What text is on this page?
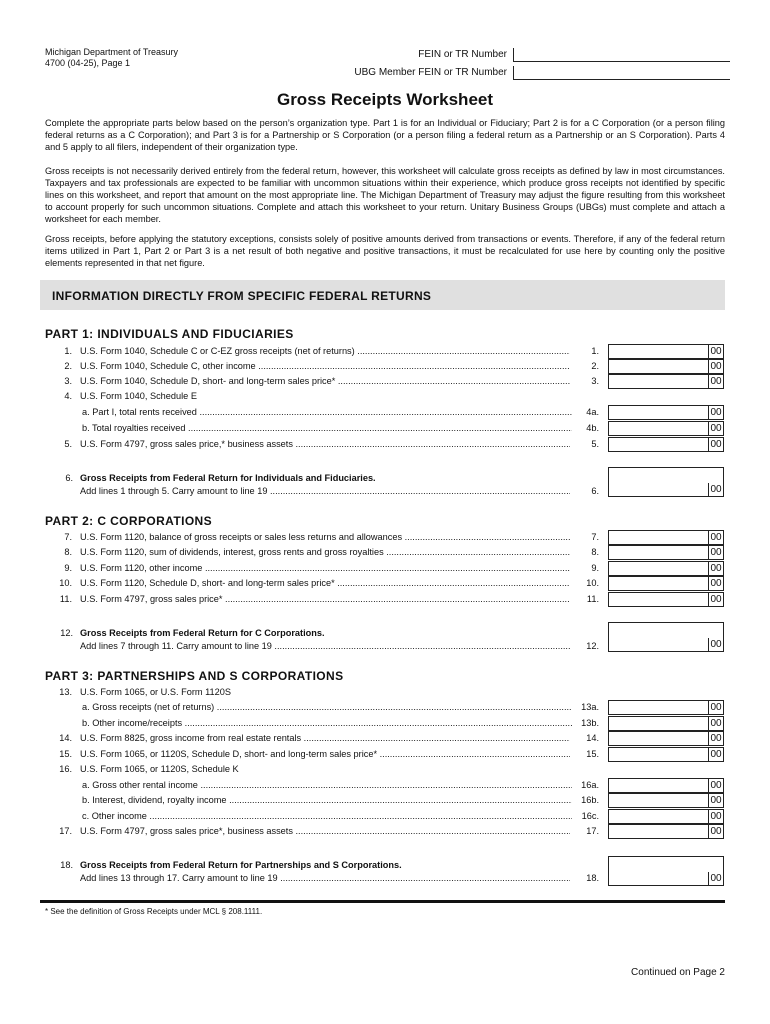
Michigan Department of Treasury
4700 (04-25), Page 1
FEIN or TR Number
UBG Member FEIN or TR Number
Gross Receipts Worksheet

Complete the appropriate parts below based on the person’s organization type. Part 1 is for an Individual or Fiduciary; Part 2 is for a C Corporation (or a person filing federal returns as a C Corporation); and Part 3 is for a Partnership or S Corporation (or a person filing a federal return as a Partnership or an S Corporation). Parts 4 and 5 apply to all filers, independent of their organization type.

Gross receipts is not necessarily derived entirely from the federal return, however, this worksheet will calculate gross receipts as defined by law in most circumstances. Taxpayers and tax professionals are expected to be familiar with uncommon situations within their experience, which produce gross receipts not identified by specific lines on this worksheet, and report that amount on the most appropriate line. The Michigan Department of Treasury may adjust the figure resulting from this worksheet to account properly for such uncommon situations. Complete and attach this worksheet to your return. Unitary Business Groups (UBGs) must complete and attach a worksheet for each member.

Gross receipts, before applying the statutory exceptions, consists solely of positive amounts derived from transactions or events. Therefore, if any of the federal return items utilized in Part 1, Part 2 or Part 3 is a net result of both negative and positive transactions, it must be recalculated for use here by counting only the positive elements represented in that net figure.

INFORMATION DIRECTLY FROM SPECIFIC FEDERAL RETURNS
PART 1: INDIVIDUALS AND FIDUCIARIES
1. U.S. Form 1040, Schedule C or C-EZ gross receipts (net of returns) .....	1.	00
2. U.S. Form 1040, Schedule C, other income .....	2.	00
3. U.S. Form 1040, Schedule D, short- and long-term sales price* .....	3.	00
4. U.S. Form 1040, Schedule E
a. Part I, total rents received .....	4a.	00
b. Total royalties received .....	4b.	00
5. U.S. Form 4797, gross sales price,* business assets .....	5.	00
6. Gross Receipts from Federal Return for Individuals and Fiduciaries.
Add lines 1 through 5. Carry amount to line 19 .....	6.	00
PART 2: C CORPORATIONS
7. U.S. Form 1120, balance of gross receipts or sales less returns and allowances .....	7.	00
8. U.S. Form 1120, sum of dividends, interest, gross rents and gross royalties .....	8.	00
9. U.S. Form 1120, other income .....	9.	00
10. U.S. Form 1120, Schedule D, short- and long-term sales price* .....	10.	00
11. U.S. Form 4797, gross sales price* .....	11.	00
12. Gross Receipts from Federal Return for C Corporations.
Add lines 7 through 11. Carry amount to line 19 .....	12.	00
PART 3: PARTNERSHIPS AND S CORPORATIONS
13. U.S. Form 1065, or U.S. Form 1120S
a. Gross receipts (net of returns) .....	13a.	00
b. Other income/receipts .....	13b.	00
14. U.S. Form 8825, gross income from real estate rentals .....	14.	00
15. U.S. Form 1065, or 1120S, Schedule D, short- and long-term sales price* .....	15.	00
16. U.S. Form 1065, or 1120S, Schedule K
a. Gross other rental income .....	16a.	00
b. Interest, dividend, royalty income .....	16b.	00
c. Other income .....	16c.	00
17. U.S. Form 4797, gross sales price*, business assets .....	17.	00
18. Gross Receipts from Federal Return for Partnerships and S Corporations.
Add lines 13 through 17. Carry amount to line 19 .....	18.	00
* See the definition of Gross Receipts under MCL § 208.1111.
Continued on Page 2
